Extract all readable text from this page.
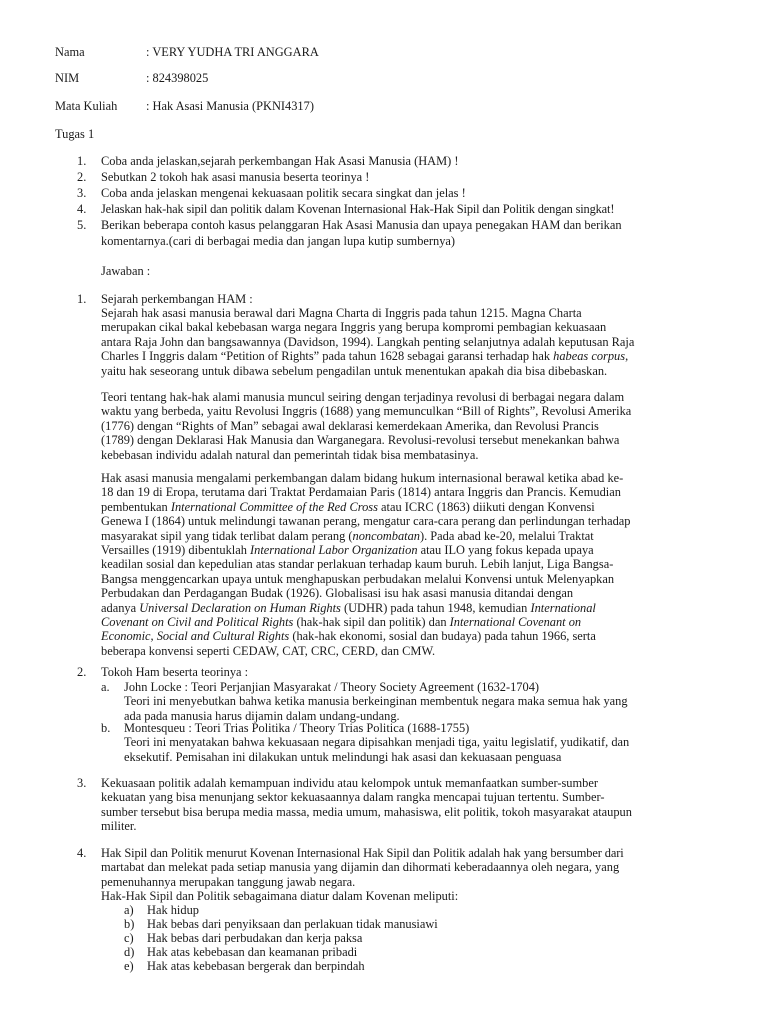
Nama	: VERY YUDHA TRI ANGGARA
NIM	: 824398025
Mata Kuliah : Hak Asasi Manusia (PKNI4317)
Tugas 1
1. Coba anda jelaskan,sejarah perkembangan Hak Asasi Manusia (HAM) !
2. Sebutkan 2 tokoh hak asasi manusia beserta teorinya !
3. Coba anda jelaskan mengenai kekuasaan politik secara singkat dan jelas !
4. Jelaskan hak-hak sipil dan politik dalam Kovenan Internasional Hak-Hak Sipil dan Politik dengan singkat!
5. Berikan beberapa contoh kasus pelanggaran Hak Asasi Manusia dan upaya penegakan HAM dan berikan
komentarnya.(cari di berbagai media dan jangan lupa kutip sumbernya)
Jawaban :
1. Sejarah perkembangan HAM :
Sejarah hak asasi manusia berawal dari Magna Charta di Inggris pada tahun 1215. Magna Charta
merupakan cikal bakal kebebasan warga negara Inggris yang berupa kompromi pembagian kekuasaan
antara Raja John dan bangsawannya (Davidson, 1994). Langkah penting selanjutnya adalah keputusan Raja
Charles I Inggris dalam “Petition of Rights” pada tahun 1628 sebagai garansi terhadap hak habeas corpus,
yaitu hak seseorang untuk dibawa sebelum pengadilan untuk menentukan apakah dia bisa dibebaskan.
Teori tentang hak-hak alami manusia muncul seiring dengan terjadinya revolusi di berbagai negara dalam
waktu yang berbeda, yaitu Revolusi Inggris (1688) yang memunculkan “Bill of Rights”, Revolusi Amerika
(1776) dengan “Rights of Man” sebagai awal deklarasi kemerdekaan Amerika, dan Revolusi Prancis
(1789) dengan Deklarasi Hak Manusia dan Warganegara. Revolusi-revolusi tersebut menekankan bahwa
kebebasan individu adalah natural dan pemerintah tidak bisa membatasinya.
Hak asasi manusia mengalami perkembangan dalam bidang hukum internasional berawal ketika abad ke-
18 dan 19 di Eropa, terutama dari Traktat Perdamaian Paris (1814) antara Inggris dan Prancis. Kemudian
pembentukan International Committee of the Red Cross atau ICRC (1863) diikuti dengan Konvensi
Genewa I (1864) untuk melindungi tawanan perang, mengatur cara-cara perang dan perlindungan terhadap
masyarakat sipil yang tidak terlibat dalam perang (noncombatan). Pada abad ke-20, melalui Traktat
Versailles (1919) dibentuklah International Labor Organization atau ILO yang fokus kepada upaya
keadilan sosial dan kepedulian atas standar perlakuan terhadap kaum buruh. Lebih lanjut, Liga Bangsa-
Bangsa menggencarkan upaya untuk menghapuskan perbudakan melalui Konvensi untuk Melenyapkan
Perbudakan dan Perdagangan Budak (1926). Globalisasi isu hak asasi manusia ditandai dengan
adanya Universal Declaration on Human Rights (UDHR) pada tahun 1948, kemudian International
Covenant on Civil and Political Rights (hak-hak sipil dan politik) dan International Covenant on
Economic, Social and Cultural Rights (hak-hak ekonomi, sosial dan budaya) pada tahun 1966, serta
beberapa konvensi seperti CEDAW, CAT, CRC, CERD, dan CMW.
2. Tokoh Ham beserta teorinya :
a. John Locke : Teori Perjanjian Masyarakat / Theory Society Agreement (1632-1704)
Teori ini menyebutkan bahwa ketika manusia berkeinginan membentuk negara maka semua hak yang
ada pada manusia harus dijamin dalam undang-undang.
b. Montesqueu : Teori Trias Politika / Theory Trias Politica (1688-1755)
Teori ini menyatakan bahwa kekuasaan negara dipisahkan menjadi tiga, yaitu legislatif, yudikatif, dan
eksekutif. Pemisahan ini dilakukan untuk melindungi hak asasi dan kekuasaan penguasa
3. Kekuasaan politik adalah kemampuan individu atau kelompok untuk memanfaatkan sumber-sumber
kekuatan yang bisa menunjang sektor kekuasaannya dalam rangka mencapai tujuan tertentu. Sumber-
sumber tersebut bisa berupa media massa, media umum, mahasiswa, elit politik, tokoh masyarakat ataupun
militer.
4. Hak Sipil dan Politik menurut Kovenan Internasional Hak Sipil dan Politik adalah hak yang bersumber dari
martabat dan melekat pada setiap manusia yang dijamin dan dihormati keberadaannya oleh negara, yang
pemenuhannya merupakan tanggung jawab negara.
Hak-Hak Sipil dan Politik sebagaimana diatur dalam Kovenan meliputi:
a) Hak hidup
b) Hak bebas dari penyiksaan dan perlakuan tidak manusiawi
c) Hak bebas dari perbudakan dan kerja paksa
d) Hak atas kebebasan dan keamanan pribadi
e) Hak atas kebebasan bergerak dan berpindah
